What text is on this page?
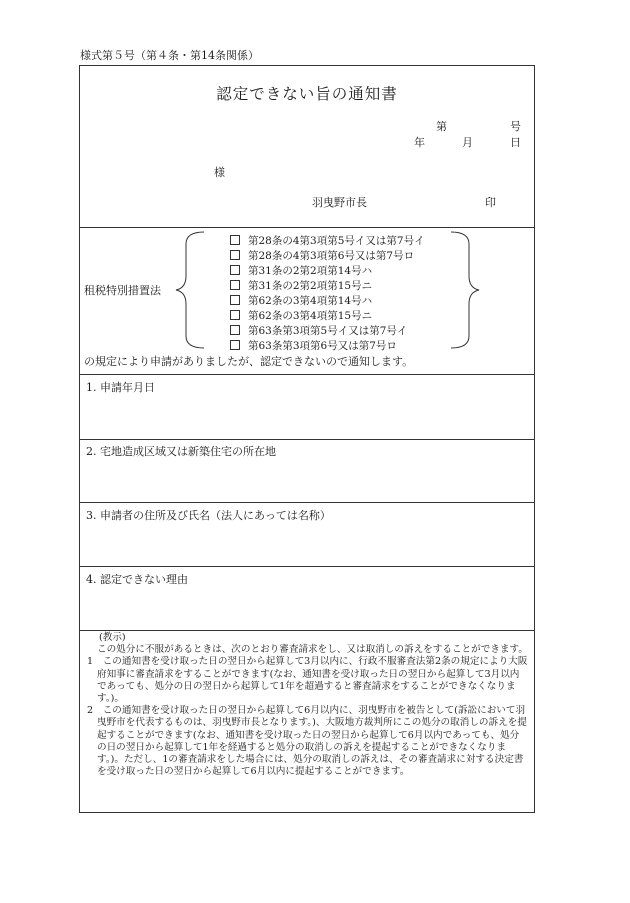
様式第５号（第４条・第14条関係）
認定できない旨の通知書
第	号
年	月	日
様
羽曳野市長	印
租税特別措置法
第28条の4第3項第5号イ又は第7号イ
第28条の4第3項第6号又は第7号ロ
第31条の2第2項第14号ハ
第31条の2第2項第15号ニ
第62条の3第4項第14号ハ
第62条の3第4項第15号ニ
第63条第3項第5号イ又は第7号イ
第63条第3項第6号又は第7号ロ
の規定により申請がありましたが、認定できないので通知します。
1. 申請年月日
2. 宅地造成区域又は新築住宅の所在地
3. 申請者の住所及び氏名（法人にあっては名称）
4. 認定できない理由

(教示)

この処分に不服があるときは、次のとおり審査請求をし、又は取消しの訴えをすることができます。

1　この通知書を受け取った日の翌日から起算して3月以内に、行政不服審査法第2条の規定により大阪府知事に審査請求をすることができます(なお、通知書を受け取った日の翌日から起算して3月以内であっても、処分の日の翌日から起算して1年を超過すると審査請求をすることができなくなります。)。

2　この通知書を受け取った日の翌日から起算して6月以内に、羽曳野市を被告として(訴訟において羽曳野市を代表するものは、羽曳野市長となります。)、大阪地方裁判所にこの処分の取消しの訴えを提起することができます(なお、通知書を受け取った日の翌日から起算して6月以内であっても、処分の日の翌日から起算して1年を経過すると処分の取消しの訴えを提起することができなくなります。)。ただし、1の審査請求をした場合には、処分の取消しの訴えは、その審査請求に対する決定書を受け取った日の翌日から起算して6月以内に提起することができます。
